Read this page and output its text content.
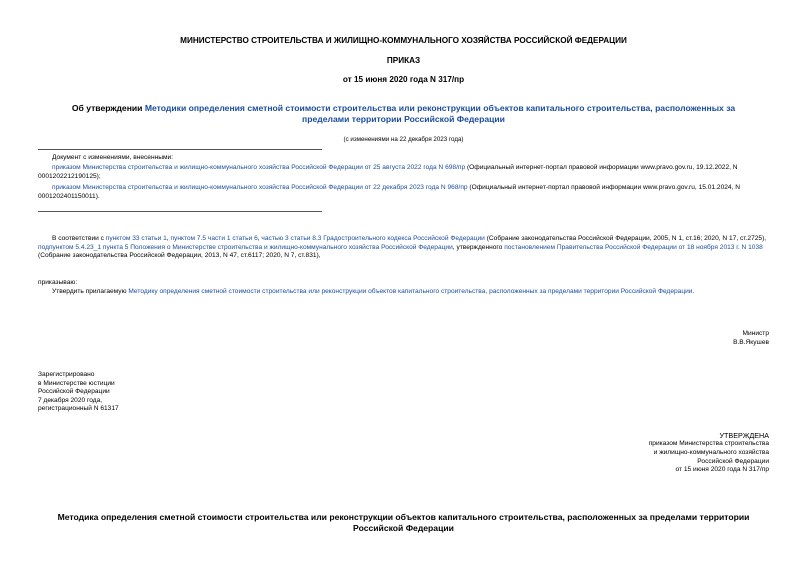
МИНИСТЕРСТВО СТРОИТЕЛЬСТВА И ЖИЛИЩНО-КОММУНАЛЬНОГО ХОЗЯЙСТВА РОССИЙСКОЙ ФЕДЕРАЦИИ
ПРИКАЗ
от 15 июня 2020 года N 317/пр
Об утверждении Методики определения сметной стоимости строительства или реконструкции объектов капитального строительства, расположенных за пределами территории Российской Федерации
(с изменениями на 22 декабря 2023 года)
Документ с изменениями, внесенными:
приказом Министерства строительства и жилищно-коммунального хозяйства Российской Федерации от 25 августа 2022 года N 698/пр (Официальный интернет-портал правовой информации www.pravo.gov.ru, 19.12.2022, N 0001202212190125);
приказом Министерства строительства и жилищно-коммунального хозяйства Российской Федерации от 22 декабря 2023 года N 968/пр (Официальный интернет-портал правовой информации www.pravo.gov.ru, 15.01.2024, N 0001202401150011).
В соответствии с пунктом 33 статьи 1, пунктом 7.5 части 1 статьи 6, частью 3 статьи 8.3 Градостроительного кодекса Российской Федерации (Собрание законодательства Российской Федерации, 2005, N 1, ст.16; 2020, N 17, ст.2725), подпунктом 5.4.23_1 пункта 5 Положения о Министерстве строительства и жилищно-коммунального хозяйства Российской Федерации, утвержденного постановлением Правительства Российской Федерации от 18 ноября 2013 г. N 1038 (Собрание законодательства Российской Федерации, 2013, N 47, ст.6117; 2020, N 7, ст.831),
приказываю:
Утвердить прилагаемую Методику определения сметной стоимости строительства или реконструкции объектов капитального строительства, расположенных за пределами территории Российской Федерации.
Министр
В.В.Якушев
Зарегистрировано
в Министерстве юстиции
Российской Федерации
7 декабря 2020 года,
регистрационный N 61317
УТВЕРЖДЕНА
приказом Министерства строительства
и жилищно-коммунального хозяйства
Российской Федерации
от 15 июня 2020 года N 317/пр
Методика определения сметной стоимости строительства или реконструкции объектов капитального строительства, расположенных за пределами территории Российской Федерации
